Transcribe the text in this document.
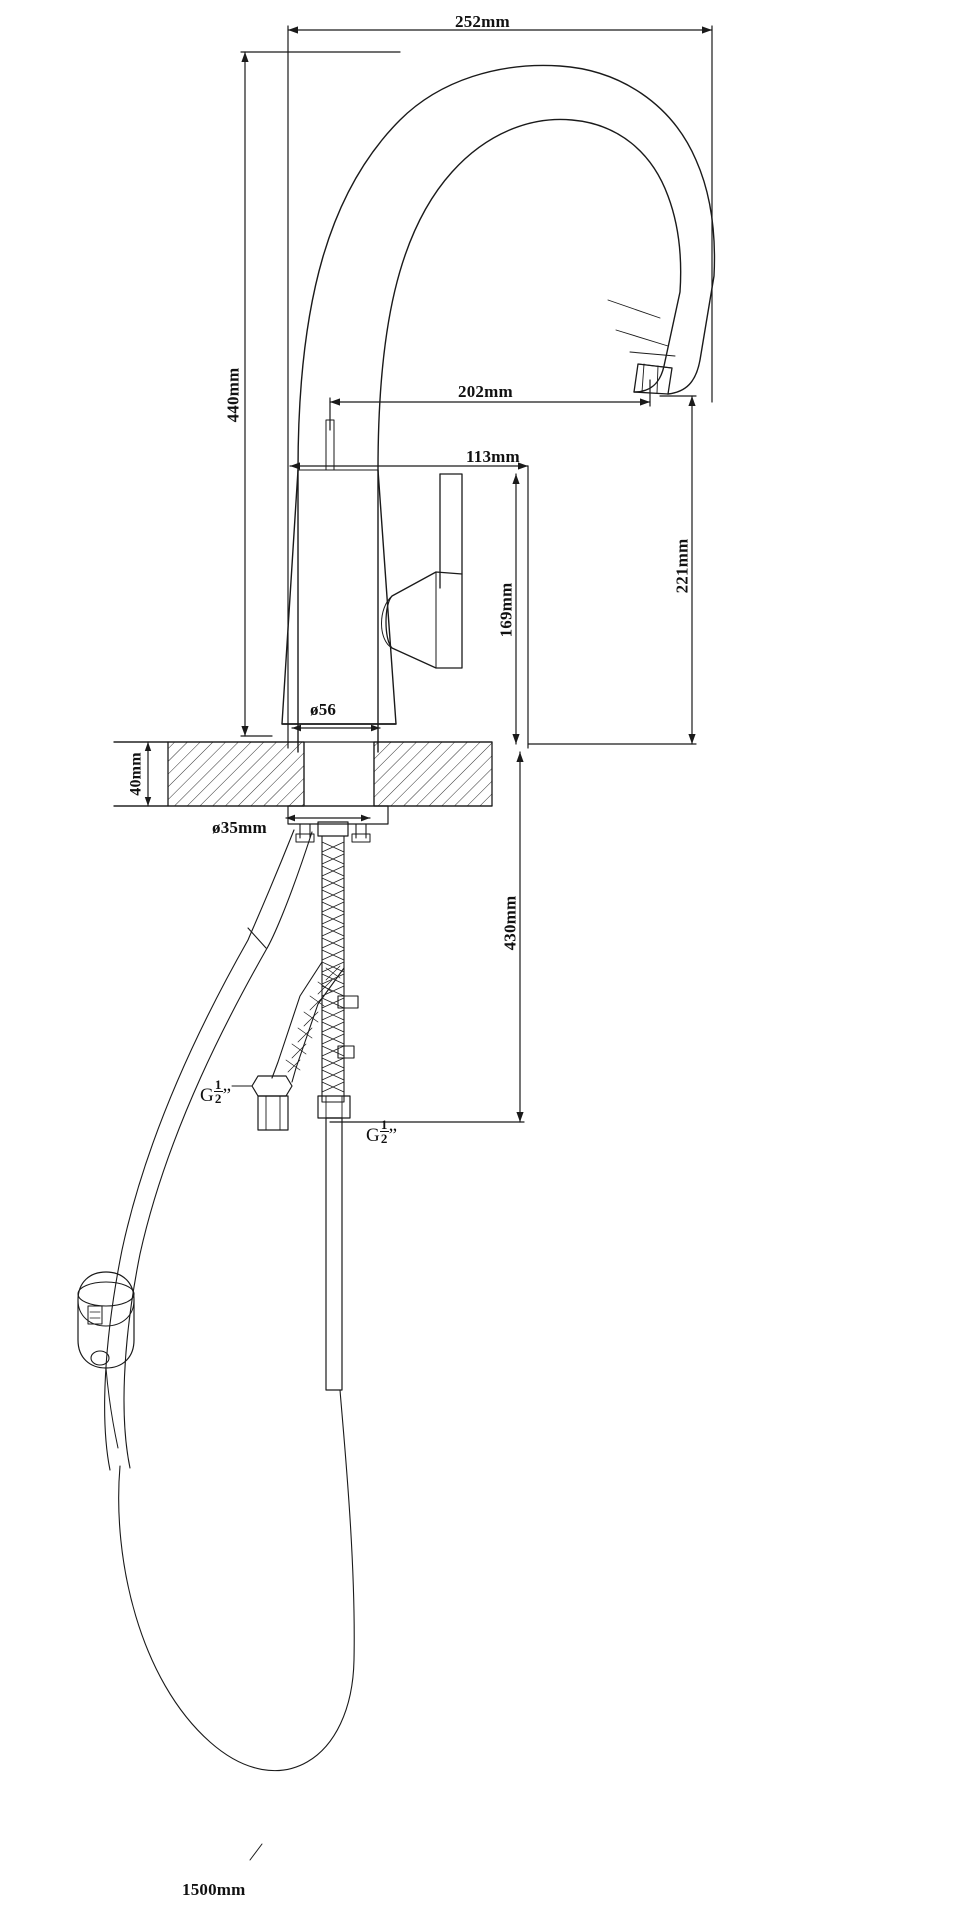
252mm
440mm	202mm
113mm
221mm
169mm
ø56
40mm
ø35mm
430mm
1500mm
G $\frac{1}{2}$ ”
G $\frac{1}{2}$ ”
